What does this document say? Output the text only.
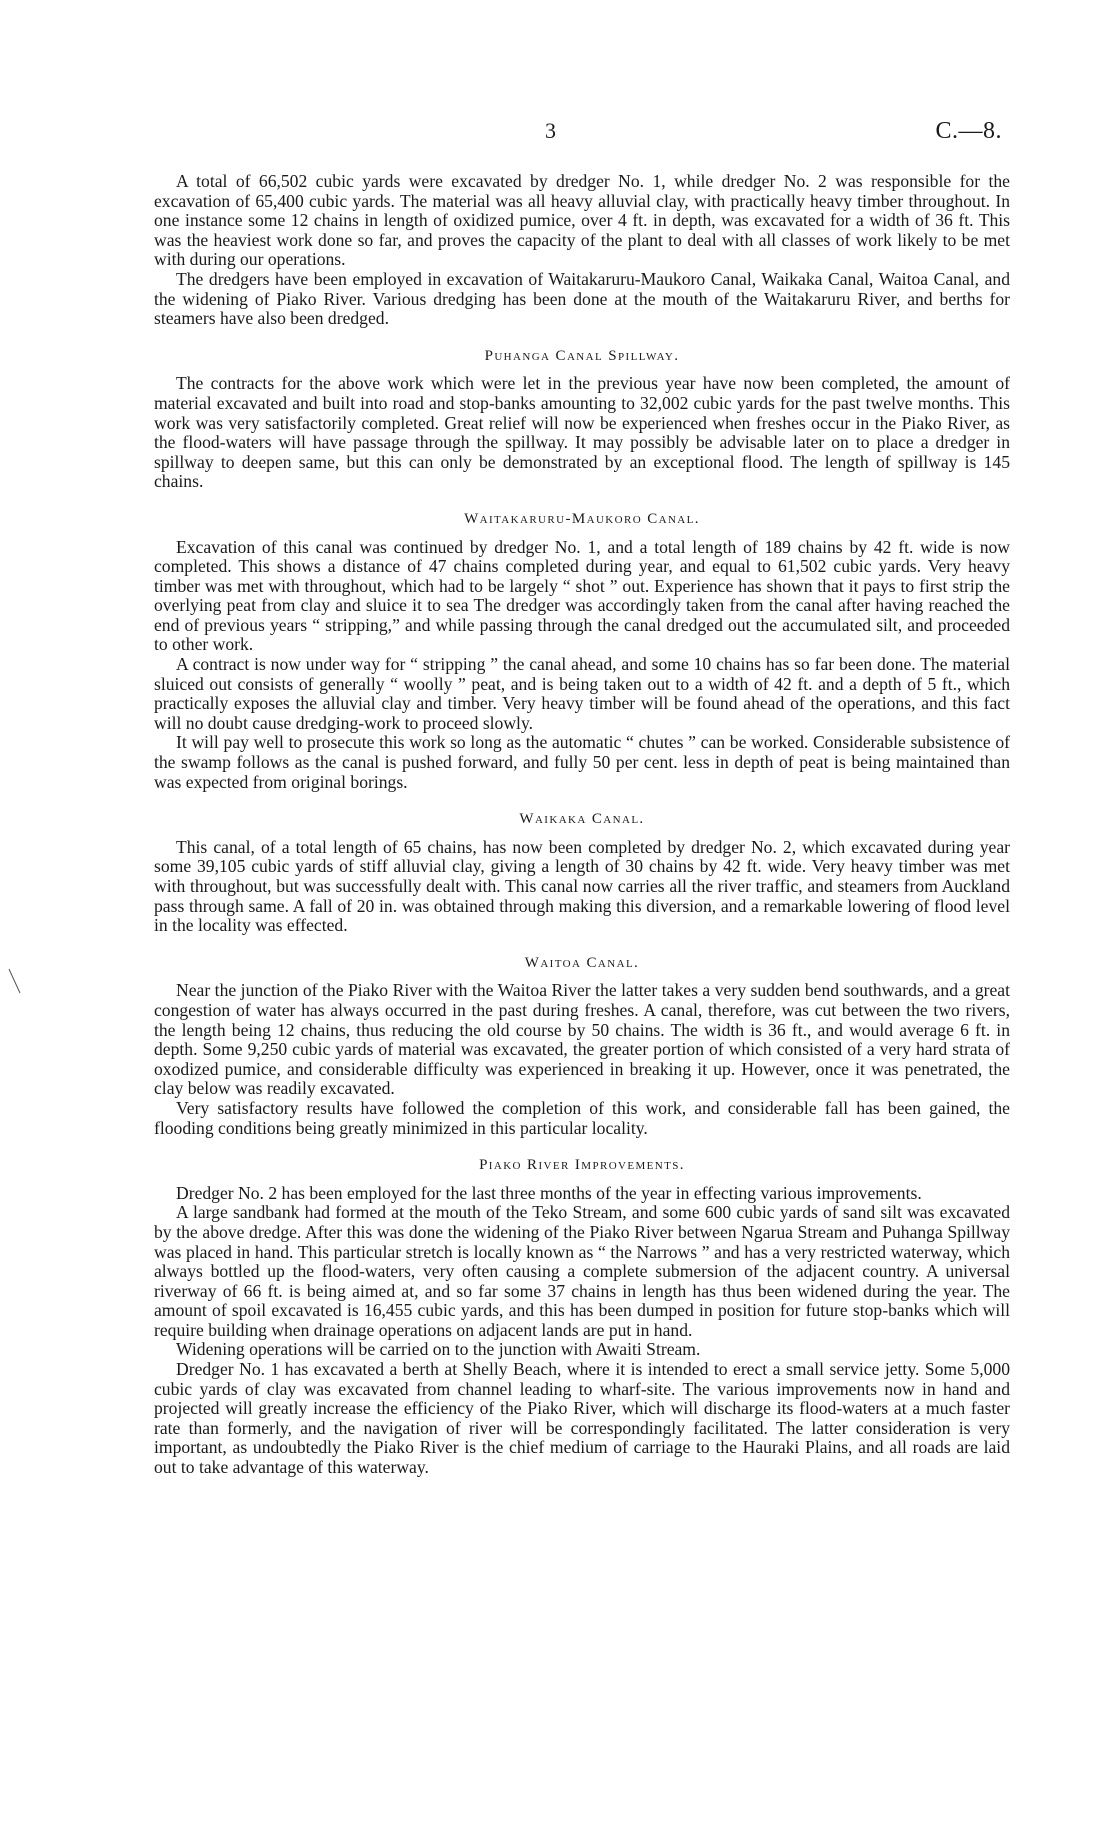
3	C.—8.

A total of 66,502 cubic yards were excavated by dredger No. 1, while dredger No. 2 was responsible for the excavation of 65,400 cubic yards. The material was all heavy alluvial clay, with practically heavy timber throughout. In one instance some 12 chains in length of oxidized pumice, over 4 ft. in depth, was excavated for a width of 36 ft. This was the heaviest work done so far, and proves the capacity of the plant to deal with all classes of work likely to be met with during our operations.

The dredgers have been employed in excavation of Waitakaruru-Maukoro Canal, Waikaka Canal, Waitoa Canal, and the widening of Piako River. Various dredging has been done at the mouth of the Waitakaruru River, and berths for steamers have also been dredged.

Puhanga Canal Spillway.

The contracts for the above work which were let in the previous year have now been completed, the amount of material excavated and built into road and stop-banks amounting to 32,002 cubic yards for the past twelve months. This work was very satisfactorily completed. Great relief will now be experienced when freshes occur in the Piako River, as the flood-waters will have passage through the spillway. It may possibly be advisable later on to place a dredger in spillway to deepen same, but this can only be demonstrated by an exceptional flood. The length of spillway is 145 chains.

Waitakaruru-Maukoro Canal.

Excavation of this canal was continued by dredger No. 1, and a total length of 189 chains by 42 ft. wide is now completed. This shows a distance of 47 chains completed during year, and equal to 61,502 cubic yards. Very heavy timber was met with throughout, which had to be largely “ shot ” out. Experience has shown that it pays to first strip the overlying peat from clay and sluice it to sea The dredger was accordingly taken from the canal after having reached the end of previous years “ stripping,” and while passing through the canal dredged out the accumulated silt, and proceeded to other work.

A contract is now under way for “ stripping ” the canal ahead, and some 10 chains has so far been done. The material sluiced out consists of generally “ woolly ” peat, and is being taken out to a width of 42 ft. and a depth of 5 ft., which practically exposes the alluvial clay and timber. Very heavy timber will be found ahead of the operations, and this fact will no doubt cause dredging-work to proceed slowly.

It will pay well to prosecute this work so long as the automatic “ chutes ” can be worked. Considerable subsistence of the swamp follows as the canal is pushed forward, and fully 50 per cent. less in depth of peat is being maintained than was expected from original borings.

Waikaka Canal.

This canal, of a total length of 65 chains, has now been completed by dredger No. 2, which excavated during year some 39,105 cubic yards of stiff alluvial clay, giving a length of 30 chains by 42 ft. wide. Very heavy timber was met with throughout, but was successfully dealt with. This canal now carries all the river traffic, and steamers from Auckland pass through same. A fall of 20 in. was obtained through making this diversion, and a remarkable lowering of flood level in the locality was effected.

Waitoa Canal.

Near the junction of the Piako River with the Waitoa River the latter takes a very sudden bend southwards, and a great congestion of water has always occurred in the past during freshes. A canal, therefore, was cut between the two rivers, the length being 12 chains, thus reducing the old course by 50 chains. The width is 36 ft., and would average 6 ft. in depth. Some 9,250 cubic yards of material was excavated, the greater portion of which consisted of a very hard strata of oxodized pumice, and considerable difficulty was experienced in breaking it up. However, once it was penetrated, the clay below was readily excavated.

Very satisfactory results have followed the completion of this work, and considerable fall has been gained, the flooding conditions being greatly minimized in this particular locality.

Piako River Improvements.

Dredger No. 2 has been employed for the last three months of the year in effecting various improvements.

A large sandbank had formed at the mouth of the Teko Stream, and some 600 cubic yards of sand silt was excavated by the above dredge. After this was done the widening of the Piako River between Ngarua Stream and Puhanga Spillway was placed in hand. This particular stretch is locally known as “ the Narrows ” and has a very restricted waterway, which always bottled up the flood-waters, very often causing a complete submersion of the adjacent country. A universal riverway of 66 ft. is being aimed at, and so far some 37 chains in length has thus been widened during the year. The amount of spoil excavated is 16,455 cubic yards, and this has been dumped in position for future stop-banks which will require building when drainage operations on adjacent lands are put in hand.

Widening operations will be carried on to the junction with Awaiti Stream.

Dredger No. 1 has excavated a berth at Shelly Beach, where it is intended to erect a small service jetty. Some 5,000 cubic yards of clay was excavated from channel leading to wharf-site. The various improvements now in hand and projected will greatly increase the efficiency of the Piako River, which will discharge its flood-waters at a much faster rate than formerly, and the navigation of river will be correspondingly facilitated. The latter consideration is very important, as undoubtedly the Piako River is the chief medium of carriage to the Hauraki Plains, and all roads are laid out to take advantage of this waterway.
